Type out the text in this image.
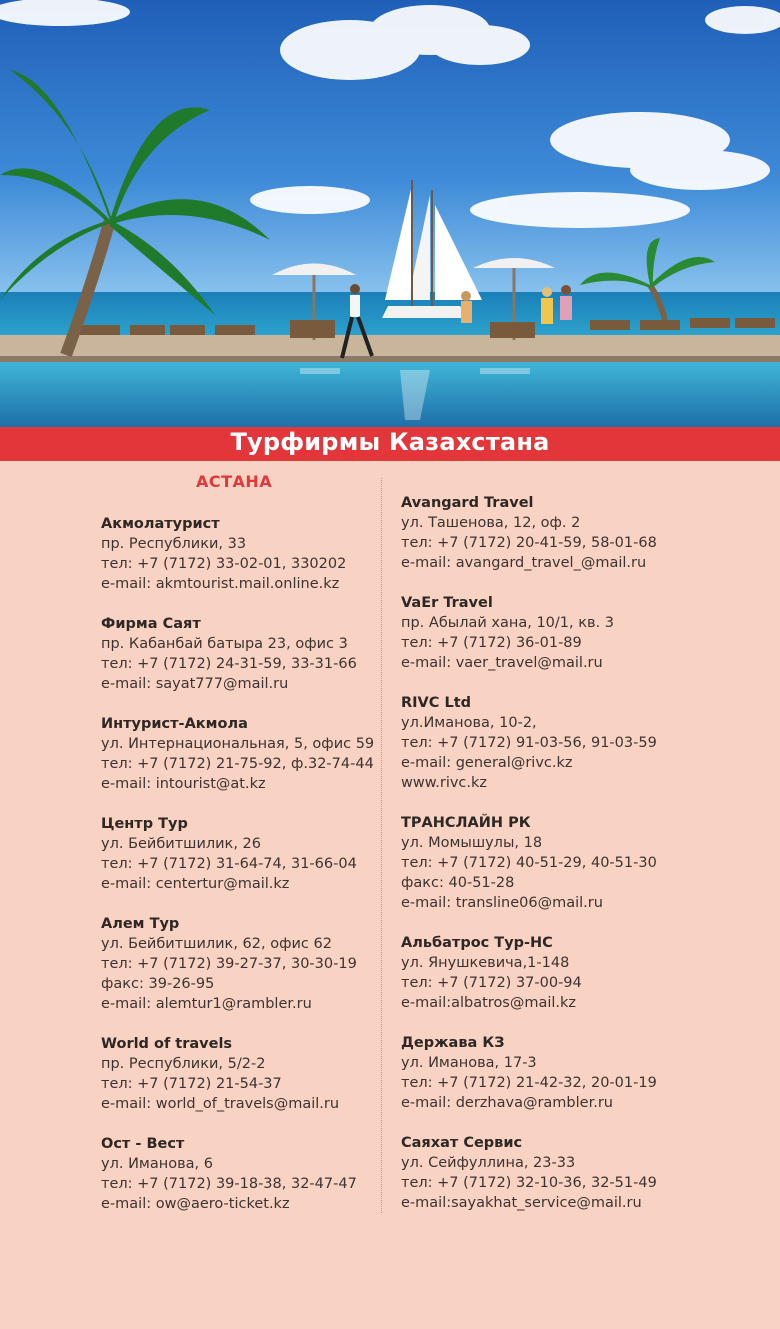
Турфирмы Казахстана
АСТАНА
Акмолатурист
пр. Республики, 33
тел: +7 (7172) 33-02-01, 330202
e-mail: akmtourist.mail.online.kz
Фирма Саят
пр. Кабанбай батыра 23, офис 3
тел: +7 (7172) 24-31-59, 33-31-66
e-mail: sayat777@mail.ru
Интурист-Акмола
ул. Интернациональная, 5, офис 59
тел: +7 (7172) 21-75-92, ф.32-74-44
e-mail: intourist@at.kz
Центр Тур
ул. Бейбитшилик, 26
тел: +7 (7172) 31-64-74, 31-66-04
e-mail: centertur@mail.kz
Алем Тур
ул. Бейбитшилик, 62, офис 62
тел: +7 (7172) 39-27-37, 30-30-19
факс: 39-26-95
e-mail: alemtur1@rambler.ru
World of travels
пр. Республики, 5/2-2
тел: +7 (7172) 21-54-37
e-mail: world_of_travels@mail.ru
Ост - Вест
ул. Иманова, 6
тел: +7 (7172) 39-18-38, 32-47-47
e-mail: ow@aero-ticket.kz
Avangard Travel
ул. Ташенова, 12, оф. 2
тел: +7 (7172) 20-41-59, 58-01-68
e-mail: avangard_travel_@mail.ru
VaEr Travel
пр. Абылай хана, 10/1, кв. 3
тел: +7 (7172) 36-01-89
e-mail: vaer_travel@mail.ru
RIVC Ltd
ул.Иманова, 10-2,
тел: +7 (7172) 91-03-56, 91-03-59
e-mail: general@rivc.kz
www.rivc.kz
ТРАНСЛАЙН РК
ул. Момышулы, 18
тел: +7 (7172) 40-51-29, 40-51-30
факс: 40-51-28
e-mail: transline06@mail.ru
Альбатрос Тур-НС
ул. Янушкевича,1-148
тел: +7 (7172) 37-00-94
e-mail:albatros@mail.kz
Держава КЗ
ул. Иманова, 17-3
тел: +7 (7172) 21-42-32, 20-01-19
e-mail: derzhava@rambler.ru
Саяхат Сервис
ул. Сейфуллина, 23-33
тел: +7 (7172) 32-10-36, 32-51-49
e-mail:sayakhat_service@mail.ru
